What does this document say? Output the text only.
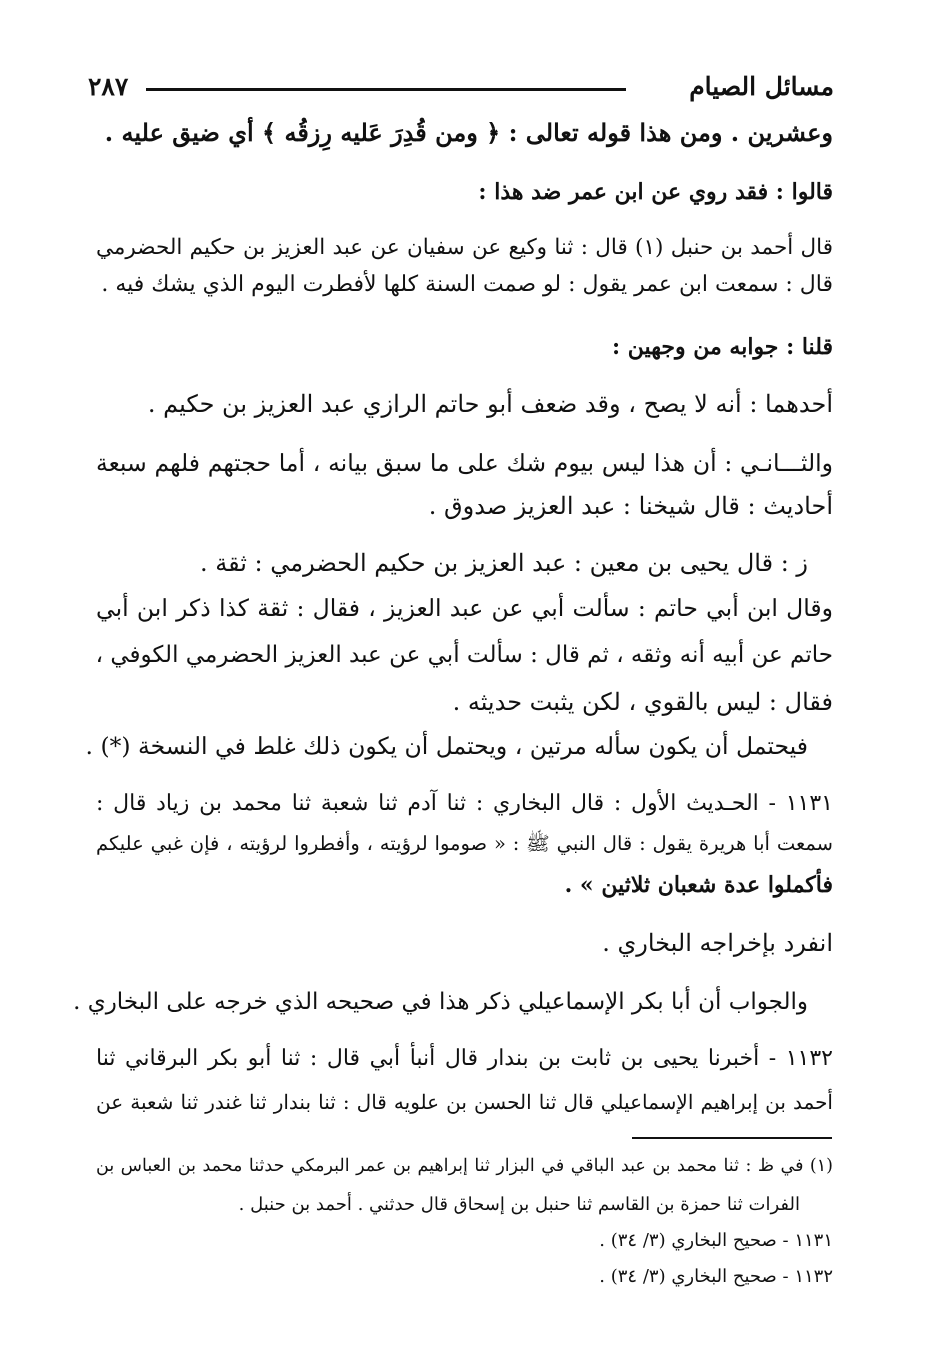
مسائل الصيام
٢٨٧
وعشرين . ومن هذا قوله تعالى : ﴿ ومن قُدِرَ عَليه رِزقُه ﴾ أي ضيق عليه .
قالوا : فقد روي عن ابن عمر ضد هذا :
قال أحمد بن حنبل (١) قال : ثنا وكيع عن سفيان عن عبد العزيز بن حكيم الحضرمي
قال : سمعت ابن عمر يقول : لو صمت السنة كلها لأفطرت اليوم الذي يشك فيه .
قلنا : جوابه من وجهين :
أحدهما : أنه لا يصح ، وقد ضعف أبو حاتم الرازي عبد العزيز بن حكيم .
والثـــانـي : أن هذا ليس بيوم شك على ما سبق بيانه ، أما حجتهم فلهم سبعة
أحاديث : قال شيخنا : عبد العزيز صدوق .
ز : قال يحيى بن معين : عبد العزيز بن حكيم الحضرمي : ثقة .
وقال ابن أبي حاتم : سألت أبي عن عبد العزيز ، فقال : ثقة كذا ذكر ابن أبي
حاتم عن أبيه أنه وثقه ، ثم قال : سألت أبي عن عبد العزيز الحضرمي الكوفي ،
فقال : ليس بالقوي ، لكن يثبت حديثه .
فيحتمل أن يكون سأله مرتين ، ويحتمل أن يكون ذلك غلط في النسخة (*) .
١١٣١ - الحـديث الأول : قال البخاري : ثنا آدم ثنا شعبة ثنا محمد بن زياد قال :
سمعت أبا هريرة يقول : قال النبي ﷺ : « صوموا لرؤيته ، وأفطروا لرؤيته ، فإن غبي عليكم
فأكملوا عدة شعبان ثلاثين » .
انفرد بإخراجه البخاري .
والجواب أن أبا بكر الإسماعيلي ذكر هذا في صحيحه الذي خرجه على البخاري .
١١٣٢ - أخبرنا يحيى بن ثابت بن بندار قال أنبأ أبي قال : ثنا أبو بكر البرقاني ثنا
أحمد بن إبراهيم الإسماعيلي قال ثنا الحسن بن علويه قال : ثنا بندار ثنا غندر ثنا شعبة عن
(١) في ظ : ثنا محمد بن عبد الباقي في البزار ثنا إبراهيم بن عمر البرمكي حدثنا محمد بن العباس بن
الفرات ثنا حمزة بن القاسم ثنا حنبل بن إسحاق قال حدثني . أحمد بن حنبل .
١١٣١ - صحيح البخاري (٣/ ٣٤) .
١١٣٢ - صحيح البخاري (٣/ ٣٤) .
